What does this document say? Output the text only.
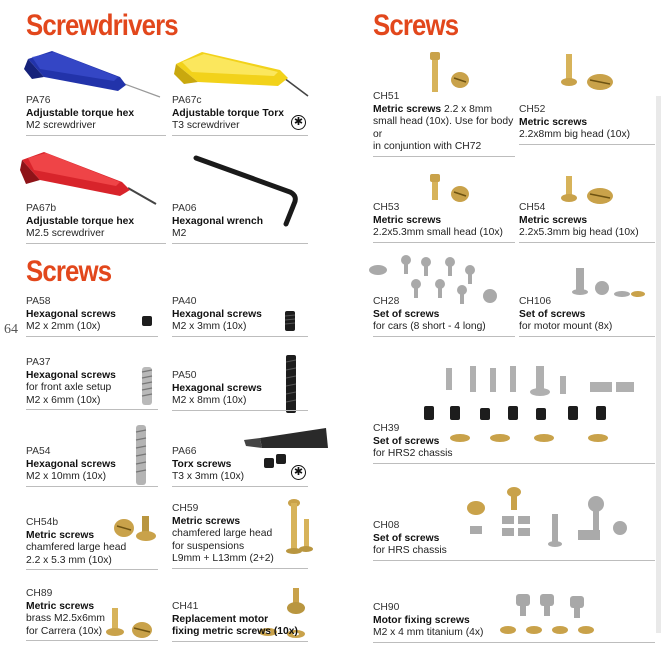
Screwdrivers
Screws
Screws
64
✱
✱
PA76
Adjustable torque hex
M2 screwdriver
PA67c
Adjustable torque Torx
T3 screwdriver
PA67b
Adjustable torque hex
M2.5 screwdriver
PA06
Hexagonal wrench
M2
PA58
Hexagonal screws
M2 x 2mm (10x)
PA40
Hexagonal screws
M2 x 3mm (10x)
PA37
Hexagonal screws
for front axle setup
M2 x 6mm (10x)
PA50
Hexagonal screws
M2 x 8mm (10x)
PA54
Hexagonal screws
M2 x 10mm (10x)
PA66
Torx screws
T3 x 3mm (10x)
CH54b
Metric screws
chamfered large head
2.2 x 5.3 mm (10x)
CH59
Metric screws
chamfered large head
for suspensions
L9mm + L13mm (2+2)
CH89
Metric screws
brass M2.5x6mm
for Carrera (10x)
CH41
Replacement motor
fixing metric screws (10x)
CH51
Metric screws 2.2 x 8mm
small head (10x). Use for body or
in conjuntion with CH72
CH52
Metric screws
2.2x8mm big head (10x)
CH53
Metric screws
2.2x5.3mm small head (10x)
CH54
Metric screws
2.2x5.3mm big head (10x)
CH28
Set of screws
for cars (8 short - 4 long)
CH106
Set of screws
for motor mount (8x)
CH39
Set of screws
for HRS2 chassis
CH08
Set of screws
for HRS chassis
CH90
Motor fixing screws
M2 x 4 mm titanium (4x)
